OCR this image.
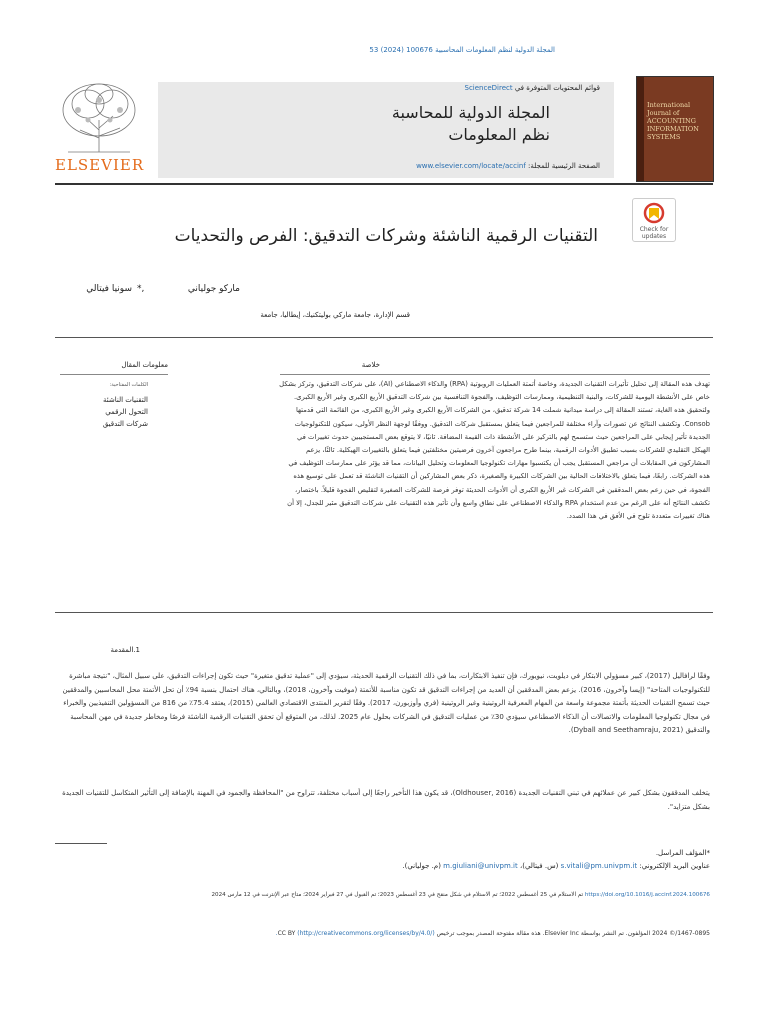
المجلة الدولية لنظم المعلومات المحاسبية 100676 (2024) 53
ELSEVIER
قوائم المحتويات المتوفرة في ScienceDirect
المجلة الدولية للمحاسبة
نظم المعلومات
الصفحة الرئيسية للمجلة: www.elsevier.com/locate/accinf
International Journal of ACCOUNTING INFORMATION SYSTEMS
Check for
updates
التقنيات الرقمية الناشئة وشركات التدقيق: الفرص والتحديات
ماركو جولياني
*,
سونيا فيتالي
قسم الإدارة، جامعة ماركي بوليتكنيك، إيطاليا، جامعة
معلومات المقال
الكلمات المفتاحية:
التقنيات الناشئة
التحول الرقمي
شركات التدقيق
خلاصة
تهدف هذه المقالة إلى تحليل تأثيرات التقنيات الجديدة، وخاصة أتمتة العمليات الروبوتية (RPA) والذكاء الاصطناعي (AI)، على شركات التدقيق، وتركز بشكل خاص على الأنشطة اليومية للشركات، والبنية التنظيمية، وممارسات التوظيف، والفجوة التنافسية بين شركات التدقيق الأربع الكبرى وغير الأربع الكبرى. ولتحقيق هذه الغاية، تستند المقالة إلى دراسة ميدانية شملت 14 شركة تدقيق، من الشركات الأربع الكبرى وغير الأربع الكبرى، من القائمة التي قدمتها Consob. وتكشف النتائج عن تصورات وآراء مختلفة للمراجعين فيما يتعلق بمستقبل شركات التدقيق. ووفقًا لوجهة النظر الأولى، سيكون للتكنولوجيات الجديدة تأثير إيجابي على المراجعين حيث ستسمح لهم بالتركيز على الأنشطة ذات القيمة المضافة. ثانيًا، لا يتوقع بعض المستجيبين حدوث تغييرات في الهيكل التقليدي للشركات بسبب تطبيق الأدوات الرقمية، بينما طرح مراجعون آخرون فرضيتين مختلفتين فيما يتعلق بالتغييرات الهيكلية. ثالثًا، يزعم المشاركون في المقابلات أن مراجعي المستقبل يجب أن يكتسبوا مهارات تكنولوجيا المعلومات وتحليل البيانات، مما قد يؤثر على ممارسات التوظيف في هذه الشركات. رابعًا، فيما يتعلق بالاختلافات الحالية بين الشركات الكبيرة والصغيرة، ذكر بعض المشاركين أن التقنيات الناشئة قد تعمل على توسيع هذه الفجوة، في حين زعم بعض المدققين في الشركات غير الأربع الكبرى أن الأدوات الحديثة توفر فرصة للشركات الصغيرة لتقليص الفجوة قليلاً. باختصار، تكشف النتائج أنه على الرغم من عدم استخدام RPA والذكاء الاصطناعي على نطاق واسع وأن تأثير هذه التقنيات على شركات التدقيق مثير للجدل، إلا أن هناك تغييرات متعددة تلوح في الأفق في هذا الصدد.
1.المقدمة
وفقًا لرافاليل (2017)، كبير مسؤولي الابتكار في ديلويت، نيويورك، فإن تنفيذ الابتكارات، بما في ذلك التقنيات الرقمية الحديثة، سيؤدي إلى "عملية تدقيق متغيرة" حيث تكون إجراءات التدقيق، على سبيل المثال، "نتيجة مباشرة للتكنولوجيات المتاحة" (إيسا وآخرون، 2016). يزعم بعض المدققين أن العديد من إجراءات التدقيق قد تكون مناسبة للأتمتة (موفيت وآخرون، 2018)، وبالتالي، هناك احتمال بنسبة 94٪ أن تحل الأتمتة محل المحاسبين والمدققين حيث تسمح التقنيات الحديثة بأتمتة مجموعة واسعة من المهام المعرفية الروتينية وغير الروتينية (فري وأوزبورن، 2017). وفقًا لتقرير المنتدى الاقتصادي العالمي (2015)، يعتقد 75.4٪ من 816 من المسؤولين التنفيذيين والخبراء في مجال تكنولوجيا المعلومات والاتصالات أن الذكاء الاصطناعي سيؤدي 30٪ من عمليات التدقيق في الشركات بحلول عام 2025. لذلك، من المتوقع أن تحقق التقنيات الرقمية الناشئة فرصًا ومخاطر جديدة في مهن المحاسبة والتدقيق (Dyball and Seethamraju, 2021).
يتخلف المدققون بشكل كبير عن عملائهم في تبني التقنيات الجديدة (Oldhouser, 2016)، قد يكون هذا التأخير راجعًا إلى أسباب مختلفة، تتراوح من "المحافظة والجمود في المهنة بالإضافة إلى التأثير المتكاسل للتقنيات الجديدة بشكل متزايد".
*المؤلف المراسل.
عناوين البريد الإلكتروني: s.vitali@pm.univpm.it (س. فيتالي)، m.giuliani@univpm.it (م. جولياني).
https://doi.org/10.1016/j.accinf.2024.100676 تم الاستلام في 25 أغسطس 2022؛ تم الاستلام في شكل منقح في 23 أغسطس 2023؛ تم القبول في 27 فبراير 2024؛ متاح عبر الإنترنت في 12 مارس 2024
1467-0895/© 2024 المؤلفون. تم النشر بواسطة Elsevier Inc. هذه مقالة مفتوحة المصدر بموجب ترخيص CC BY (http://creativecommons.org/licenses/by/4.0/).
